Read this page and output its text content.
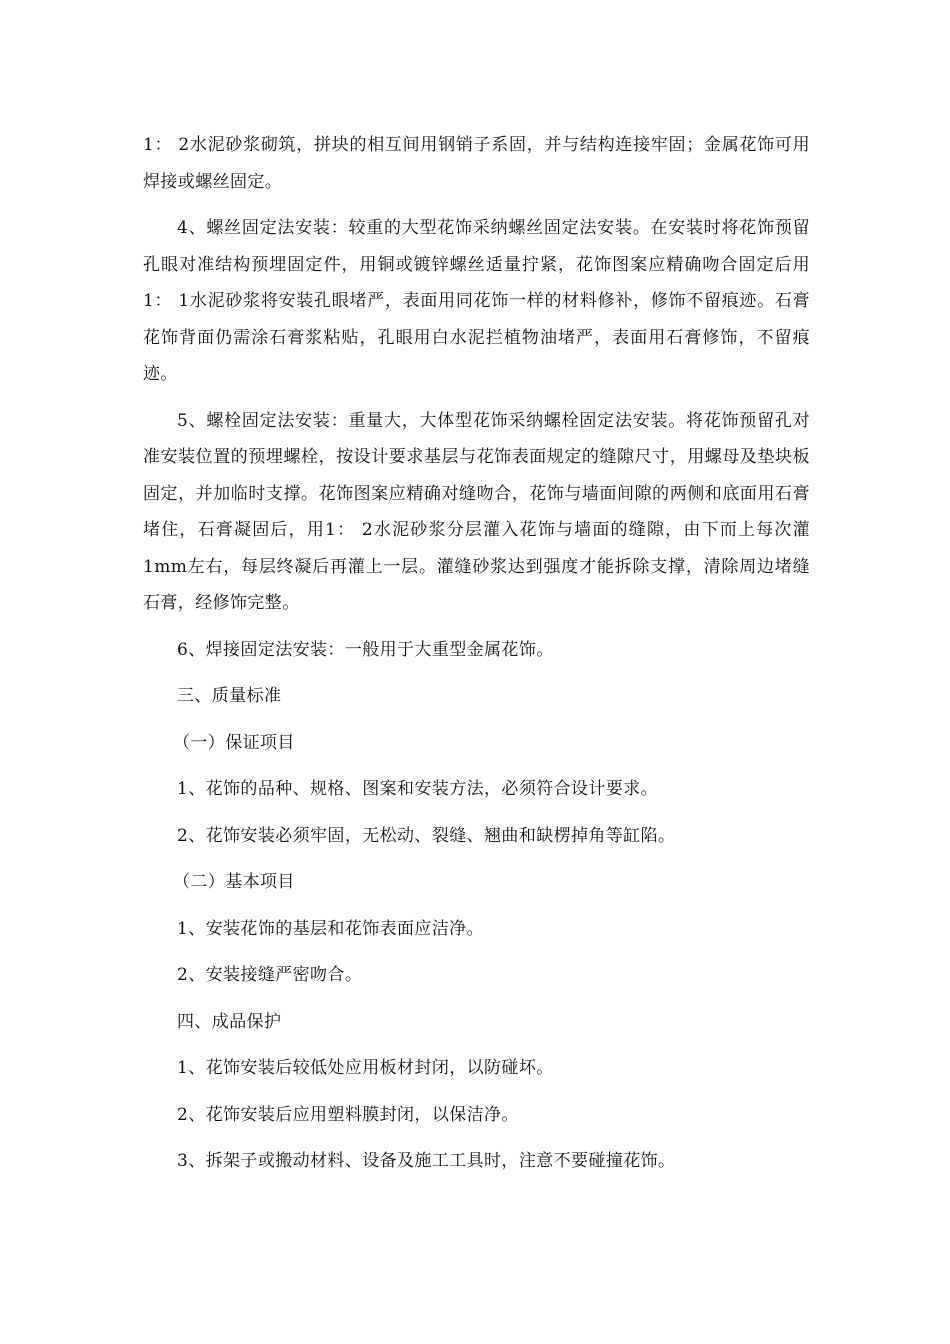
1： 2水泥砂浆砌筑，拼块的相互间用钢销子系固，并与结构连接牢固；金属花饰可用焊接或螺丝固定。

4、螺丝固定法安装：较重的大型花饰采纳螺丝固定法安装。在安装时将花饰预留孔眼对准结构预埋固定件，用铜或镀锌螺丝适量拧紧，花饰图案应精确吻合固定后用1： 1水泥砂浆将安装孔眼堵严，表面用同花饰一样的材料修补，修饰不留痕迹。石膏花饰背面仍需涂石膏浆粘贴，孔眼用白水泥拦植物油堵严，表面用石膏修饰，不留痕迹。

5、螺栓固定法安装：重量大，大体型花饰采纳螺栓固定法安装。将花饰预留孔对准安装位置的预埋螺栓，按设计要求基层与花饰表面规定的缝隙尺寸，用螺母及垫块板固定，并加临时支撑。花饰图案应精确对缝吻合，花饰与墙面间隙的两侧和底面用石膏堵住，石膏凝固后，用1： 2水泥砂浆分层灌入花饰与墙面的缝隙，由下而上每次灌1mm左右，每层终凝后再灌上一层。灌缝砂浆达到强度才能拆除支撑，清除周边堵缝石膏，经修饰完整。

6、焊接固定法安装：一般用于大重型金属花饰。

三、质量标准

（一）保证项目

1、花饰的品种、规格、图案和安装方法，必须符合设计要求。

2、花饰安装必须牢固，无松动、裂缝、翘曲和缺楞掉角等缸陷。

（二）基本项目

1、安装花饰的基层和花饰表面应洁净。

2、安装接缝严密吻合。

四、成品保护

1、花饰安装后较低处应用板材封闭，以防碰坏。

2、花饰安装后应用塑料膜封闭，以保洁净。

3、拆架子或搬动材料、设备及施工工具时，注意不要碰撞花饰。
